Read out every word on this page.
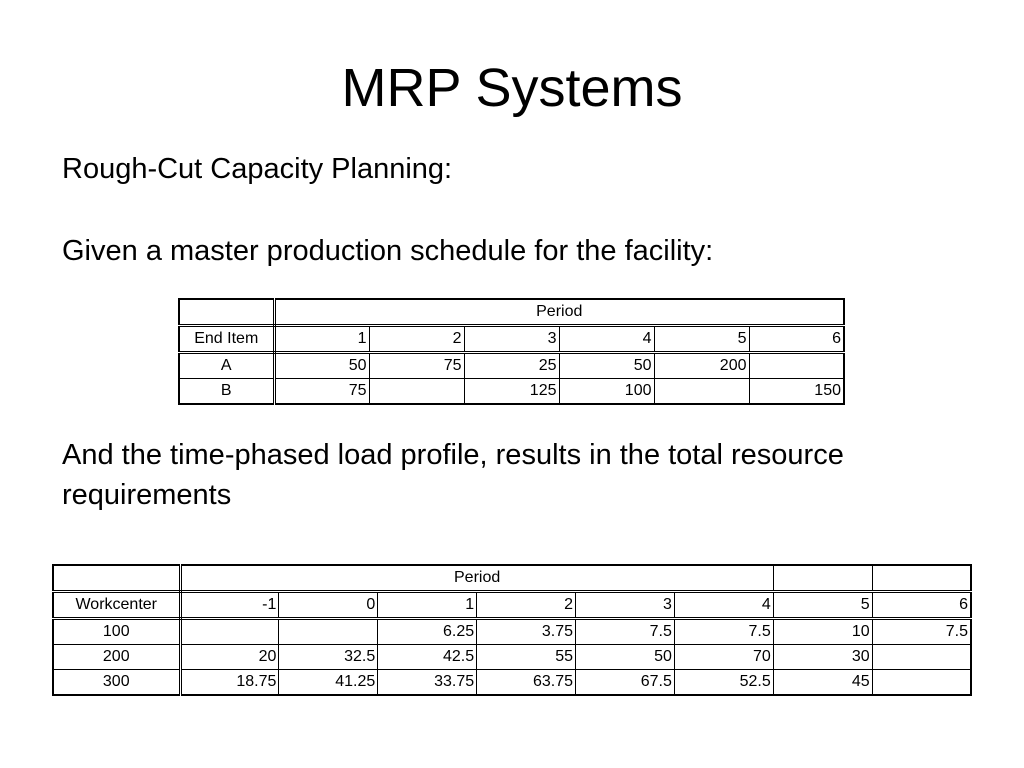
MRP Systems

Rough-Cut Capacity Planning:

Given a master production schedule for the facility:

	Period					
End Item	1	2	3	4	5	6
A	50	75	25	50	200	
B	75		125	100		150

And the time-phased load profile, results in the total resource requirements

	Period							
Workcenter	-1	0	1	2	3	4	5	6
100			6.25	3.75	7.5	7.5	10	7.5
200	20	32.5	42.5	55	50	70	30	
300	18.75	41.25	33.75	63.75	67.5	52.5	45	
